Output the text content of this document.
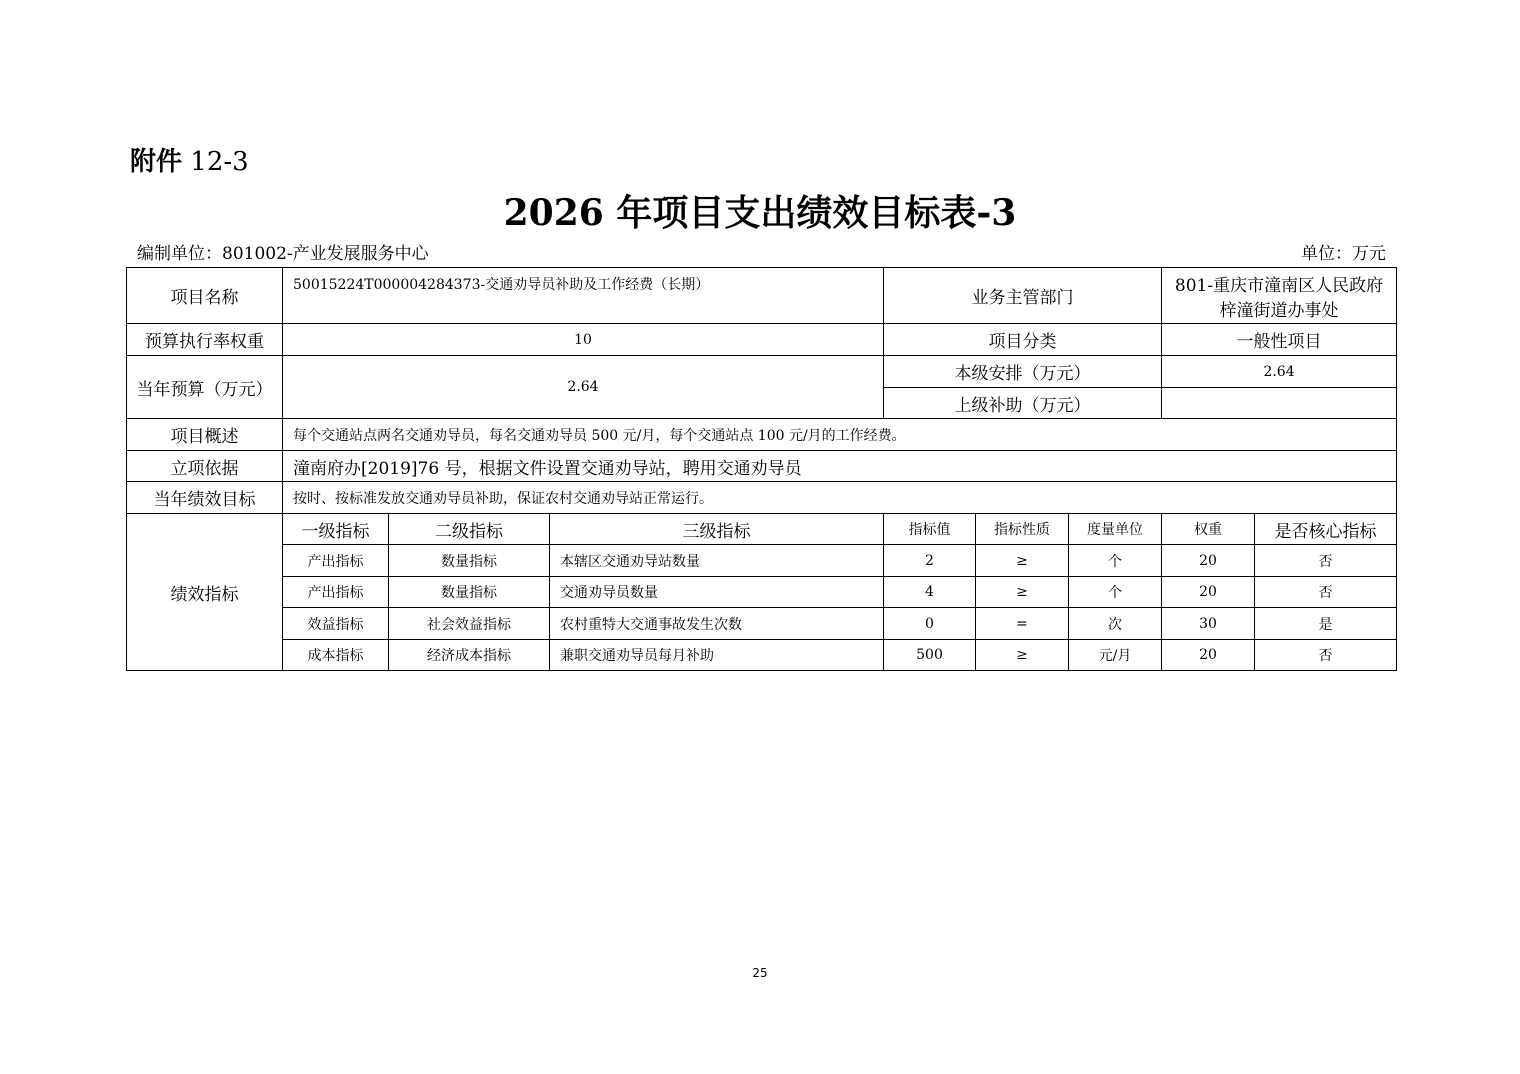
附件 12-3
2026 年项目支出绩效目标表-3
编制单位：801002-产业发展服务中心	单位：万元
项目名称	50015224T000004284373-交通劝导员补助及工作经费（长期）			业务主管部门			801-重庆市潼南区人民政府梓潼街道办事处	
预算执行率权重	10			项目分类			一般性项目	
当年预算（万元）	2.64			本级安排（万元）			2.64	
				上级补助（万元）				
项目概述	每个交通站点两名交通劝导员，每名交通劝导员 500 元/月，每个交通站点 100 元/月的工作经费。							
立项依据	潼南府办[2019]76 号，根据文件设置交通劝导站，聘用交通劝导员							
当年绩效目标	按时、按标准发放交通劝导员补助，保证农村交通劝导站正常运行。							
绩效指标	一级指标	二级指标	三级指标	指标值	指标性质	度量单位	权重	是否核心指标
	产出指标	数量指标	本辖区交通劝导站数量	2	≥	个	20	否
	产出指标	数量指标	交通劝导员数量	4	≥	个	20	否
	效益指标	社会效益指标	农村重特大交通事故发生次数	0	=	次	30	是
	成本指标	经济成本指标	兼职交通劝导员每月补助	500	≥	元/月	20	否
25
